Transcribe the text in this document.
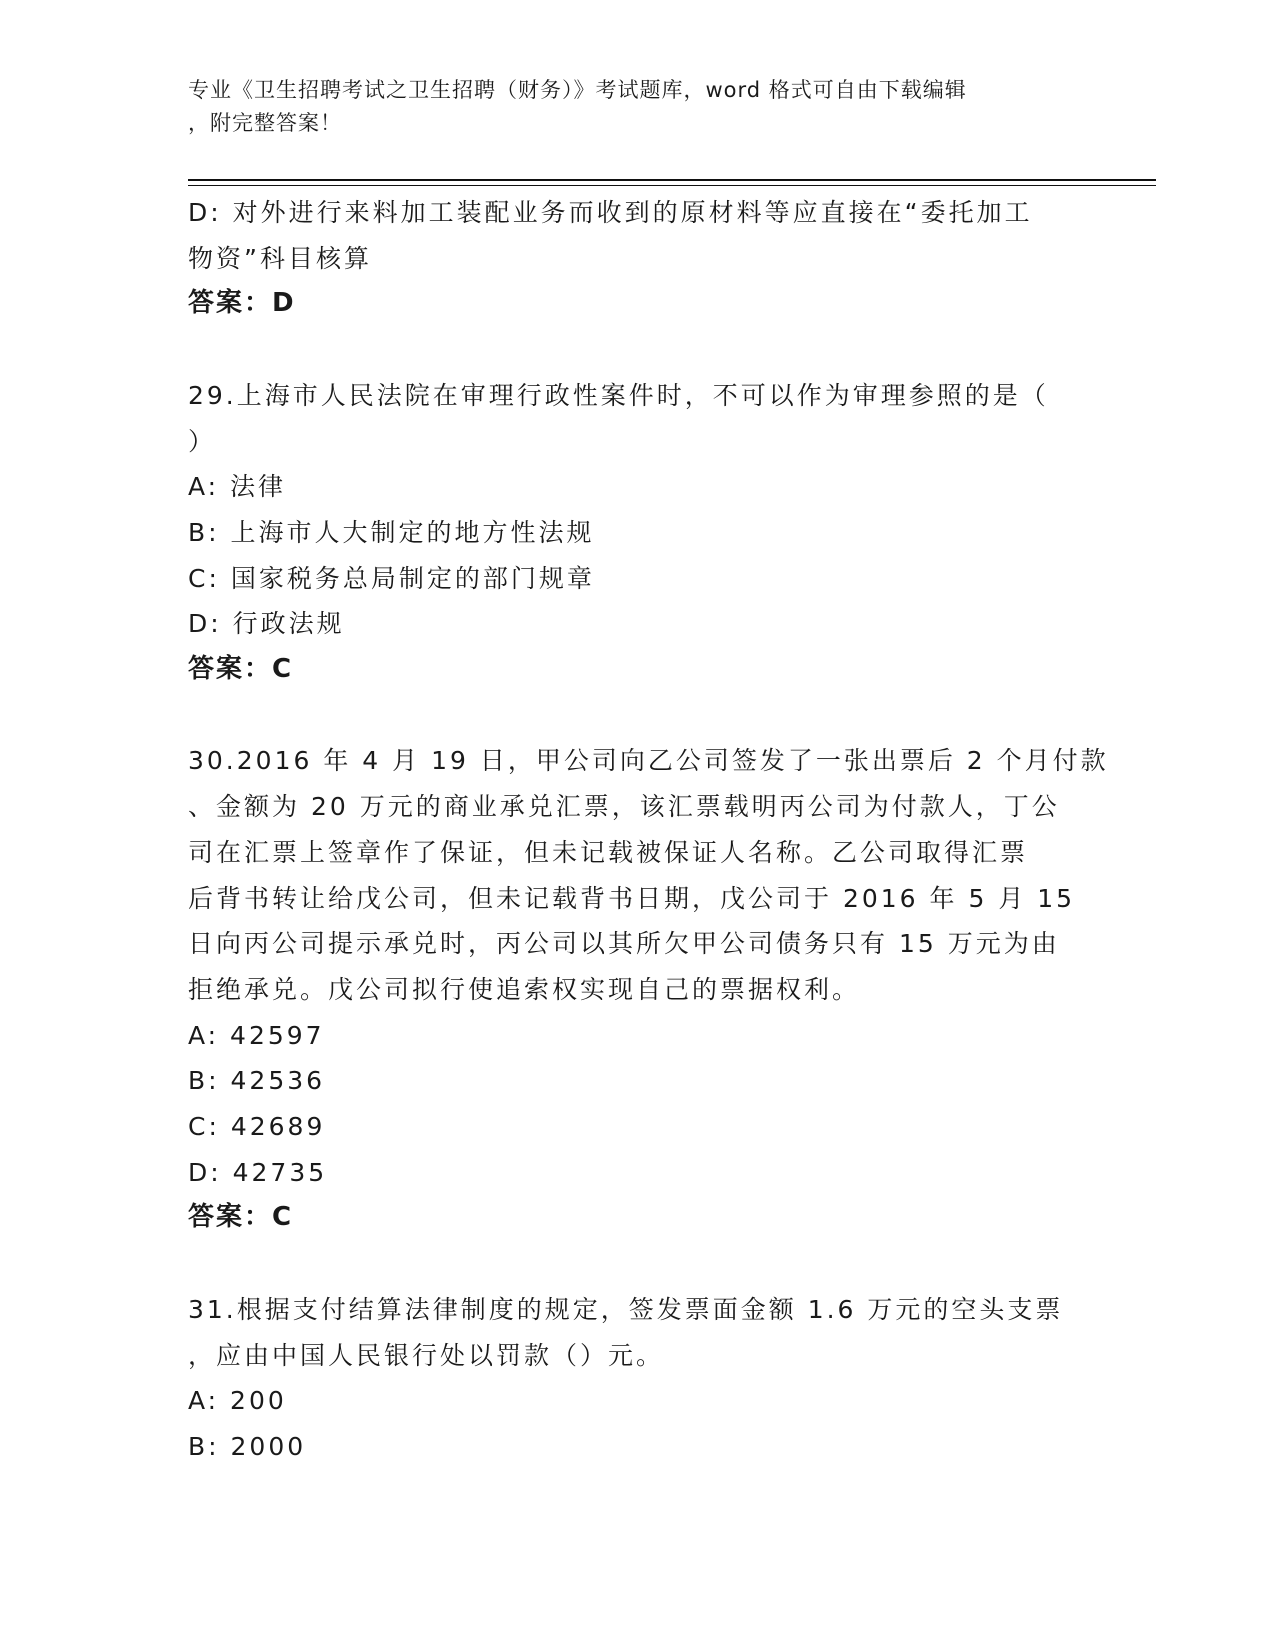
专业《卫生招聘考试之卫生招聘（财务）》考试题库，word 格式可自由下载编辑
，附完整答案！
D: 对外进行来料加工装配业务而收到的原材料等应直接在“委托加工
物资”科目核算
答案：D
29.上海市人民法院在审理行政性案件时，不可以作为审理参照的是（
）
A: 法律
B: 上海市人大制定的地方性法规
C: 国家税务总局制定的部门规章
D: 行政法规
答案：C
30.2016 年 4 月 19 日，甲公司向乙公司签发了一张出票后 2 个月付款
、金额为 20 万元的商业承兑汇票，该汇票载明丙公司为付款人，丁公
司在汇票上签章作了保证，但未记载被保证人名称。乙公司取得汇票
后背书转让给戊公司，但未记载背书日期，戊公司于 2016 年 5 月 15
日向丙公司提示承兑时，丙公司以其所欠甲公司债务只有 15 万元为由
拒绝承兑。戊公司拟行使追索权实现自己的票据权利。
A: 42597
B: 42536
C: 42689
D: 42735
答案：C
31.根据支付结算法律制度的规定，签发票面金额 1.6 万元的空头支票
，应由中国人民银行处以罚款（）元。
A: 200
B: 2000
